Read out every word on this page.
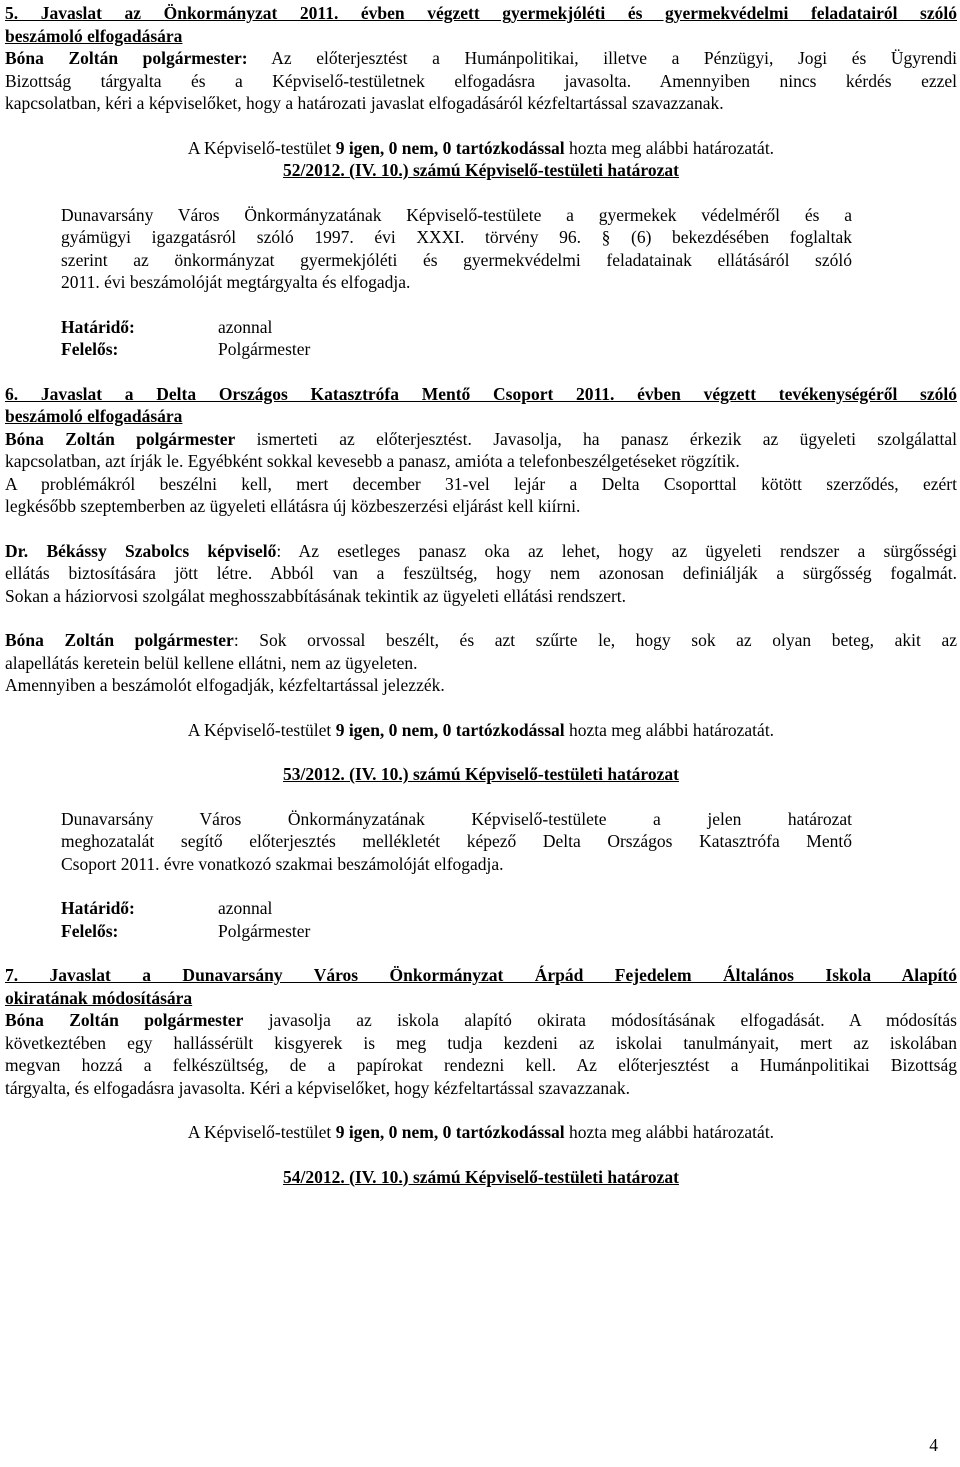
5. Javaslat az Önkormányzat 2011. évben végzett gyermekjóléti és gyermekvédelmi feladatairól szóló

beszámoló elfogadására

Bóna Zoltán polgármester: Az előterjesztést a Humánpolitikai, illetve a Pénzügyi, Jogi és Ügyrendi

Bizottság tárgyalta és a Képviselő-testületnek elfogadásra javasolta. Amennyiben nincs kérdés ezzel

kapcsolatban, kéri a képviselőket, hogy a határozati javaslat elfogadásáról kézfeltartással szavazzanak.

A Képviselő-testület 9 igen, 0 nem, 0 tartózkodással hozta meg alábbi határozatát.

52/2012. (IV. 10.) számú Képviselő-testületi határozat

Dunavarsány Város Önkormányzatának Képviselő-testülete a gyermekek védelméről és a

gyámügyi igazgatásról szóló 1997. évi XXXI. törvény 96. § (6) bekezdésében foglaltak

szerint az önkormányzat gyermekjóléti és gyermekvédelmi feladatainak ellátásáról szóló

2011. évi beszámolóját megtárgyalta és elfogadja.

Határidő:	azonnal
Felelős:	Polgármester

6. Javaslat a Delta Országos Katasztrófa Mentő Csoport 2011. évben végzett tevékenységéről szóló

beszámoló elfogadására

Bóna Zoltán polgármester ismerteti az előterjesztést. Javasolja, ha panasz érkezik az ügyeleti szolgálattal

kapcsolatban, azt írják le. Egyébként sokkal kevesebb a panasz, amióta a telefonbeszélgetéseket rögzítik.

A problémákról beszélni kell, mert december 31-vel lejár a Delta Csoporttal kötött szerződés, ezért

legkésőbb szeptemberben az ügyeleti ellátásra új közbeszerzési eljárást kell kiírni.

Dr. Békássy Szabolcs képviselő: Az esetleges panasz oka az lehet, hogy az ügyeleti rendszer a sürgősségi

ellátás biztosítására jött létre. Abból van a feszültség, hogy nem azonosan definiálják a sürgősség fogalmát.

Sokan a háziorvosi szolgálat meghosszabbításának tekintik az ügyeleti ellátási rendszert.

Bóna Zoltán polgármester: Sok orvossal beszélt, és azt szűrte le, hogy sok az olyan beteg, akit az

alapellátás keretein belül kellene ellátni, nem az ügyeleten.

Amennyiben a beszámolót elfogadják, kézfeltartással jelezzék.

A Képviselő-testület 9 igen, 0 nem, 0 tartózkodással hozta meg alábbi határozatát.

53/2012. (IV. 10.) számú Képviselő-testületi határozat

Dunavarsány Város Önkormányzatának Képviselő-testülete a jelen határozat

meghozatalát segítő előterjesztés mellékletét képező Delta Országos Katasztrófa Mentő

Csoport 2011. évre vonatkozó szakmai beszámolóját elfogadja.

Határidő:	azonnal
Felelős:	Polgármester

7. Javaslat a Dunavarsány Város Önkormányzat Árpád Fejedelem Általános Iskola Alapító

okiratának módosítására

Bóna Zoltán polgármester javasolja az iskola alapító okirata módosításának elfogadását. A módosítás

következtében egy hallássérült kisgyerek is meg tudja kezdeni az iskolai tanulmányait, mert az iskolában

megvan hozzá a felkészültség, de a papírokat rendezni kell. Az előterjesztést a Humánpolitikai Bizottság

tárgyalta, és elfogadásra javasolta. Kéri a képviselőket, hogy kézfeltartással szavazzanak.

A Képviselő-testület 9 igen, 0 nem, 0 tartózkodással hozta meg alábbi határozatát.

54/2012. (IV. 10.) számú Képviselő-testületi határozat

4
